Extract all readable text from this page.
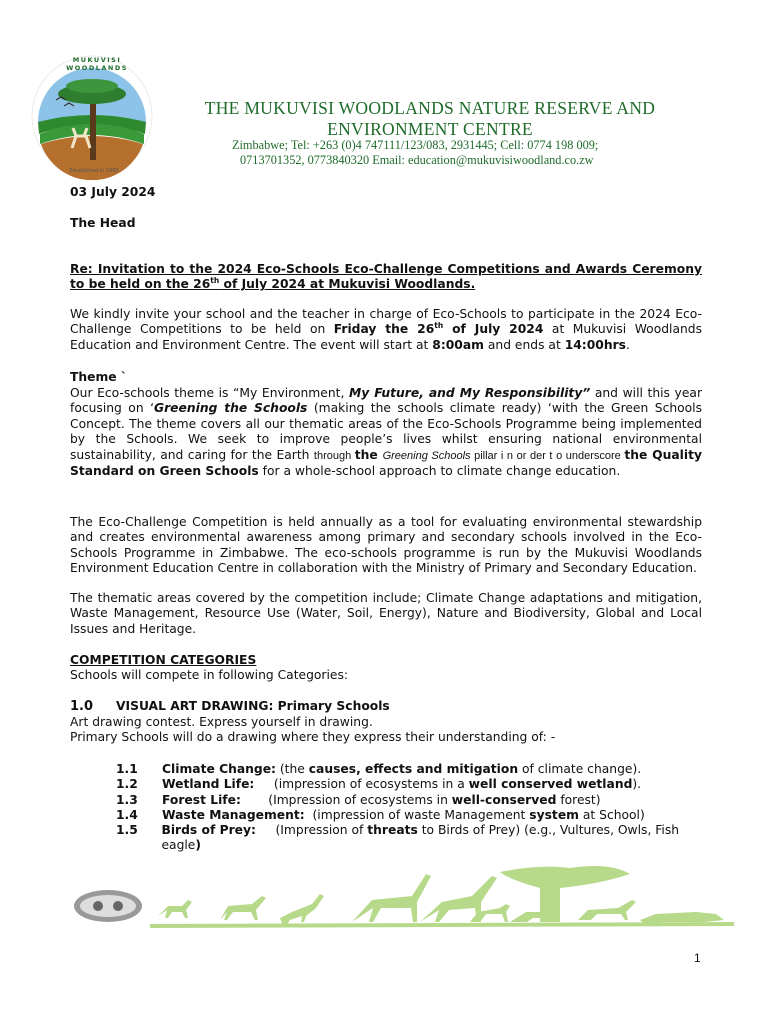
MUKUVISI WOODLANDS
Established in 1980
THE MUKUVISI WOODLANDS NATURE RESERVE AND
ENVIRONMENT CENTRE
Zimbabwe; Tel: +263 (0)4 747111/123/083, 2931445; Cell: 0774 198 009;
0713701352, 0773840320 Email: education@mukuvisiwoodland.co.zw
03 July 2024
The Head
Re: Invitation to the 2024 Eco-Schools Eco-Challenge Competitions and Awards Ceremony to be held on the 26th of July 2024 at Mukuvisi Woodlands.
We kindly invite your school and the teacher in charge of Eco-Schools to participate in the 2024 Eco-Challenge Competitions to be held on Friday the 26th of July 2024 at Mukuvisi Woodlands Education and Environment Centre. The event will start at 8:00am and ends at 14:00hrs.
Theme `
Our Eco-schools theme is “My Environment, My Future, and My Responsibility” and will this year focusing on ‘Greening the Schools (making the schools climate ready) ‘with the Green Schools Concept. The theme covers all our thematic areas of the Eco-Schools Programme being implemented by the Schools. We seek to improve people’s lives whilst ensuring national environmental sustainability, and caring for the Earth through the Greening Schools pillar i n or der t o underscore the Quality Standard on Green Schools for a whole-school approach to climate change education.
The Eco-Challenge Competition is held annually as a tool for evaluating environmental stewardship and creates environmental awareness among primary and secondary schools involved in the Eco-Schools Programme in Zimbabwe. The eco-schools programme is run by the Mukuvisi Woodlands Environment Education Centre in collaboration with the Ministry of Primary and Secondary Education.
The thematic areas covered by the competition include; Climate Change adaptations and mitigation, Waste Management, Resource Use (Water, Soil, Energy), Nature and Biodiversity, Global and Local Issues and Heritage.
COMPETITION CATEGORIES
Schools will compete in following Categories:
1.0 VISUAL ART DRAWING: Primary Schools
Art drawing contest. Express yourself in drawing.
Primary Schools will do a drawing where they express their understanding of: -
1.1	Climate Change: (the causes, effects and mitigation of climate change).
1.2	Wetland Life:     (impression of ecosystems in a well conserved wetland).
1.3	Forest Life:       (Impression of ecosystems in well-conserved forest)
1.4	Waste Management:  (impression of waste Management system at School)
1.5	Birds of Prey:     (Impression of threats to Birds of Prey) (e.g., Vultures, Owls, Fish eagle)
1
